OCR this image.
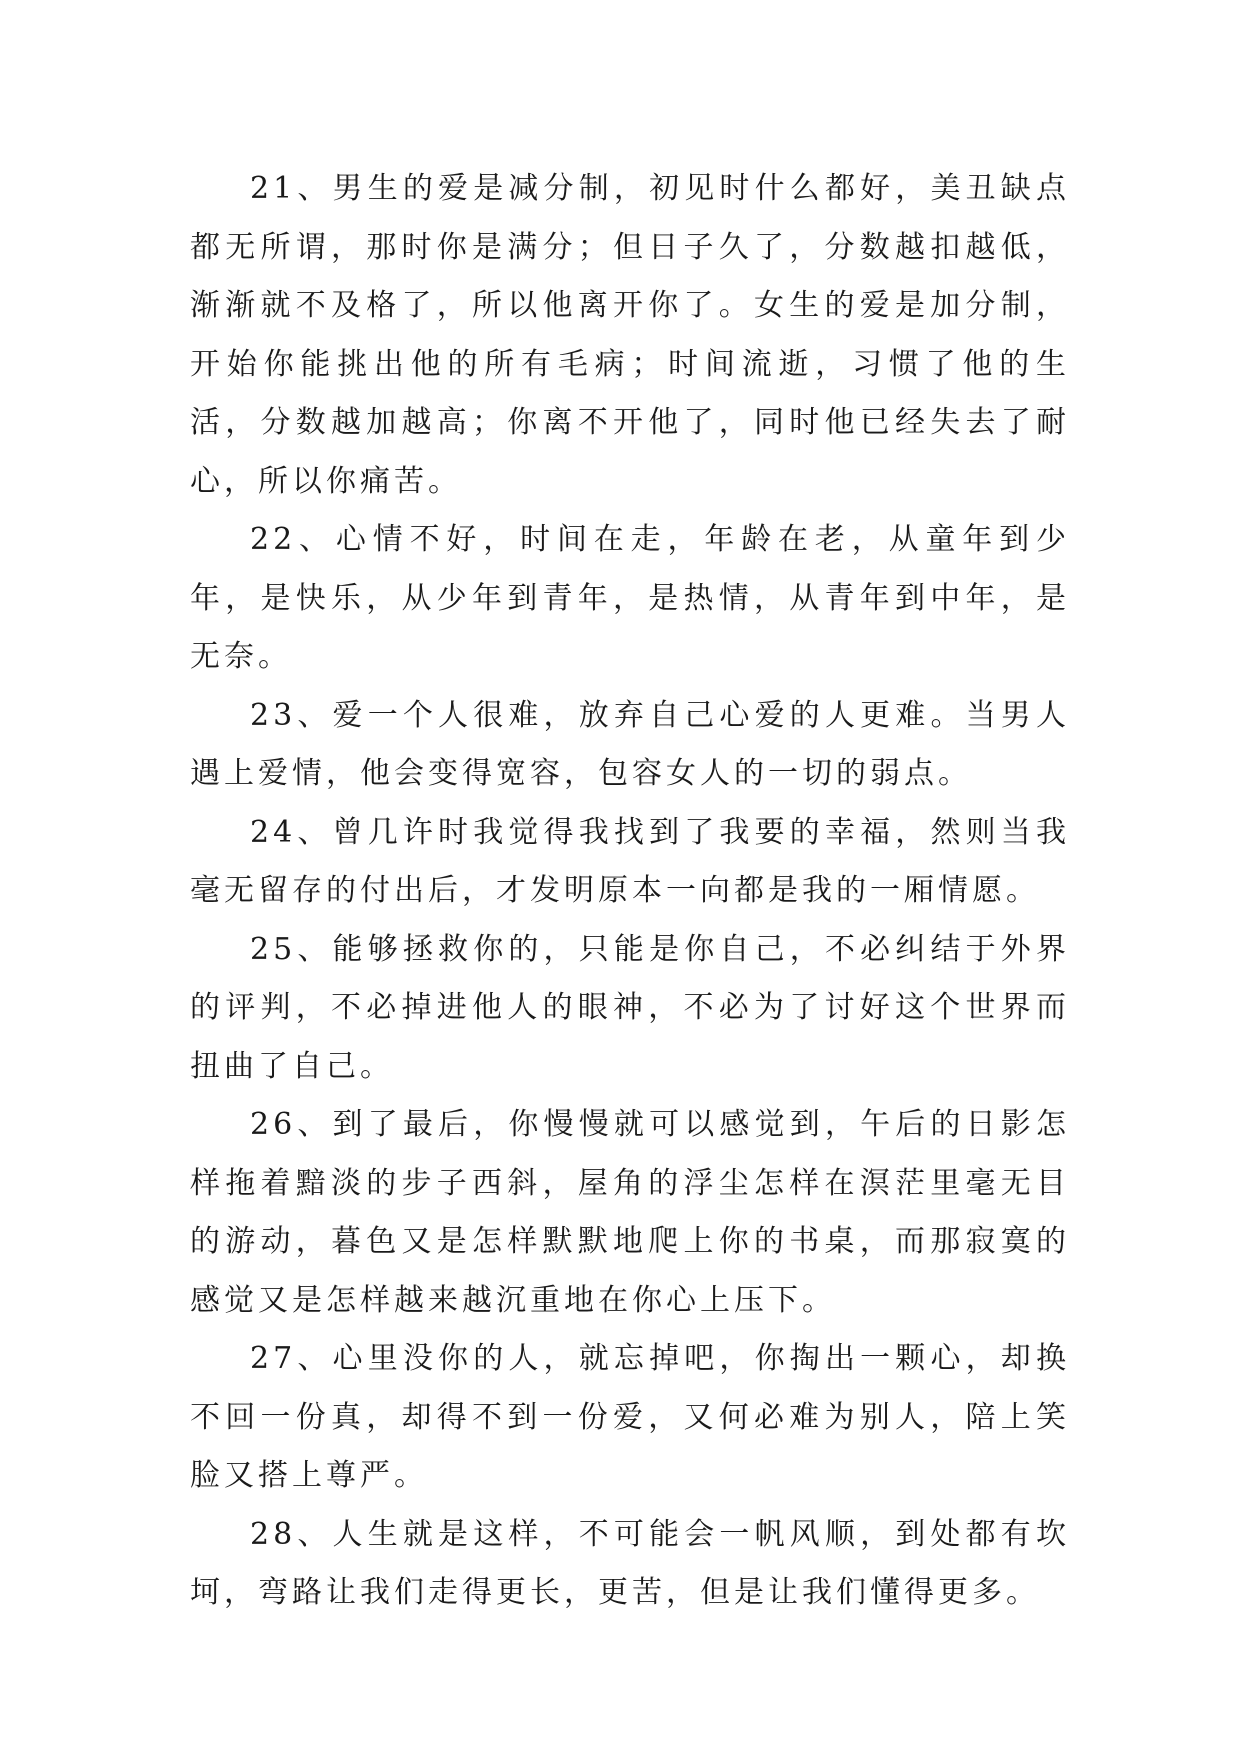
21、男生的爱是减分制，初见时什么都好，美丑缺点都无所谓，那时你是满分；但日子久了，分数越扣越低，渐渐就不及格了，所以他离开你了。女生的爱是加分制，开始你能挑出他的所有毛病；时间流逝，习惯了他的生活，分数越加越高；你离不开他了，同时他已经失去了耐心，所以你痛苦。

22、心情不好，时间在走，年龄在老，从童年到少年，是快乐，从少年到青年，是热情，从青年到中年，是无奈。

23、爱一个人很难，放弃自己心爱的人更难。当男人遇上爱情，他会变得宽容，包容女人的一切的弱点。

24、曾几许时我觉得我找到了我要的幸福，然则当我毫无留存的付出后，才发明原本一向都是我的一厢情愿。

25、能够拯救你的，只能是你自己，不必纠结于外界的评判，不必掉进他人的眼神，不必为了讨好这个世界而扭曲了自己。

26、到了最后，你慢慢就可以感觉到，午后的日影怎样拖着黯淡的步子西斜，屋角的浮尘怎样在溟茫里毫无目的游动，暮色又是怎样默默地爬上你的书桌，而那寂寞的感觉又是怎样越来越沉重地在你心上压下。

27、心里没你的人，就忘掉吧，你掏出一颗心，却换不回一份真，却得不到一份爱，又何必难为别人，陪上笑脸又搭上尊严。

28、人生就是这样，不可能会一帆风顺，到处都有坎坷，弯路让我们走得更长，更苦，但是让我们懂得更多。
